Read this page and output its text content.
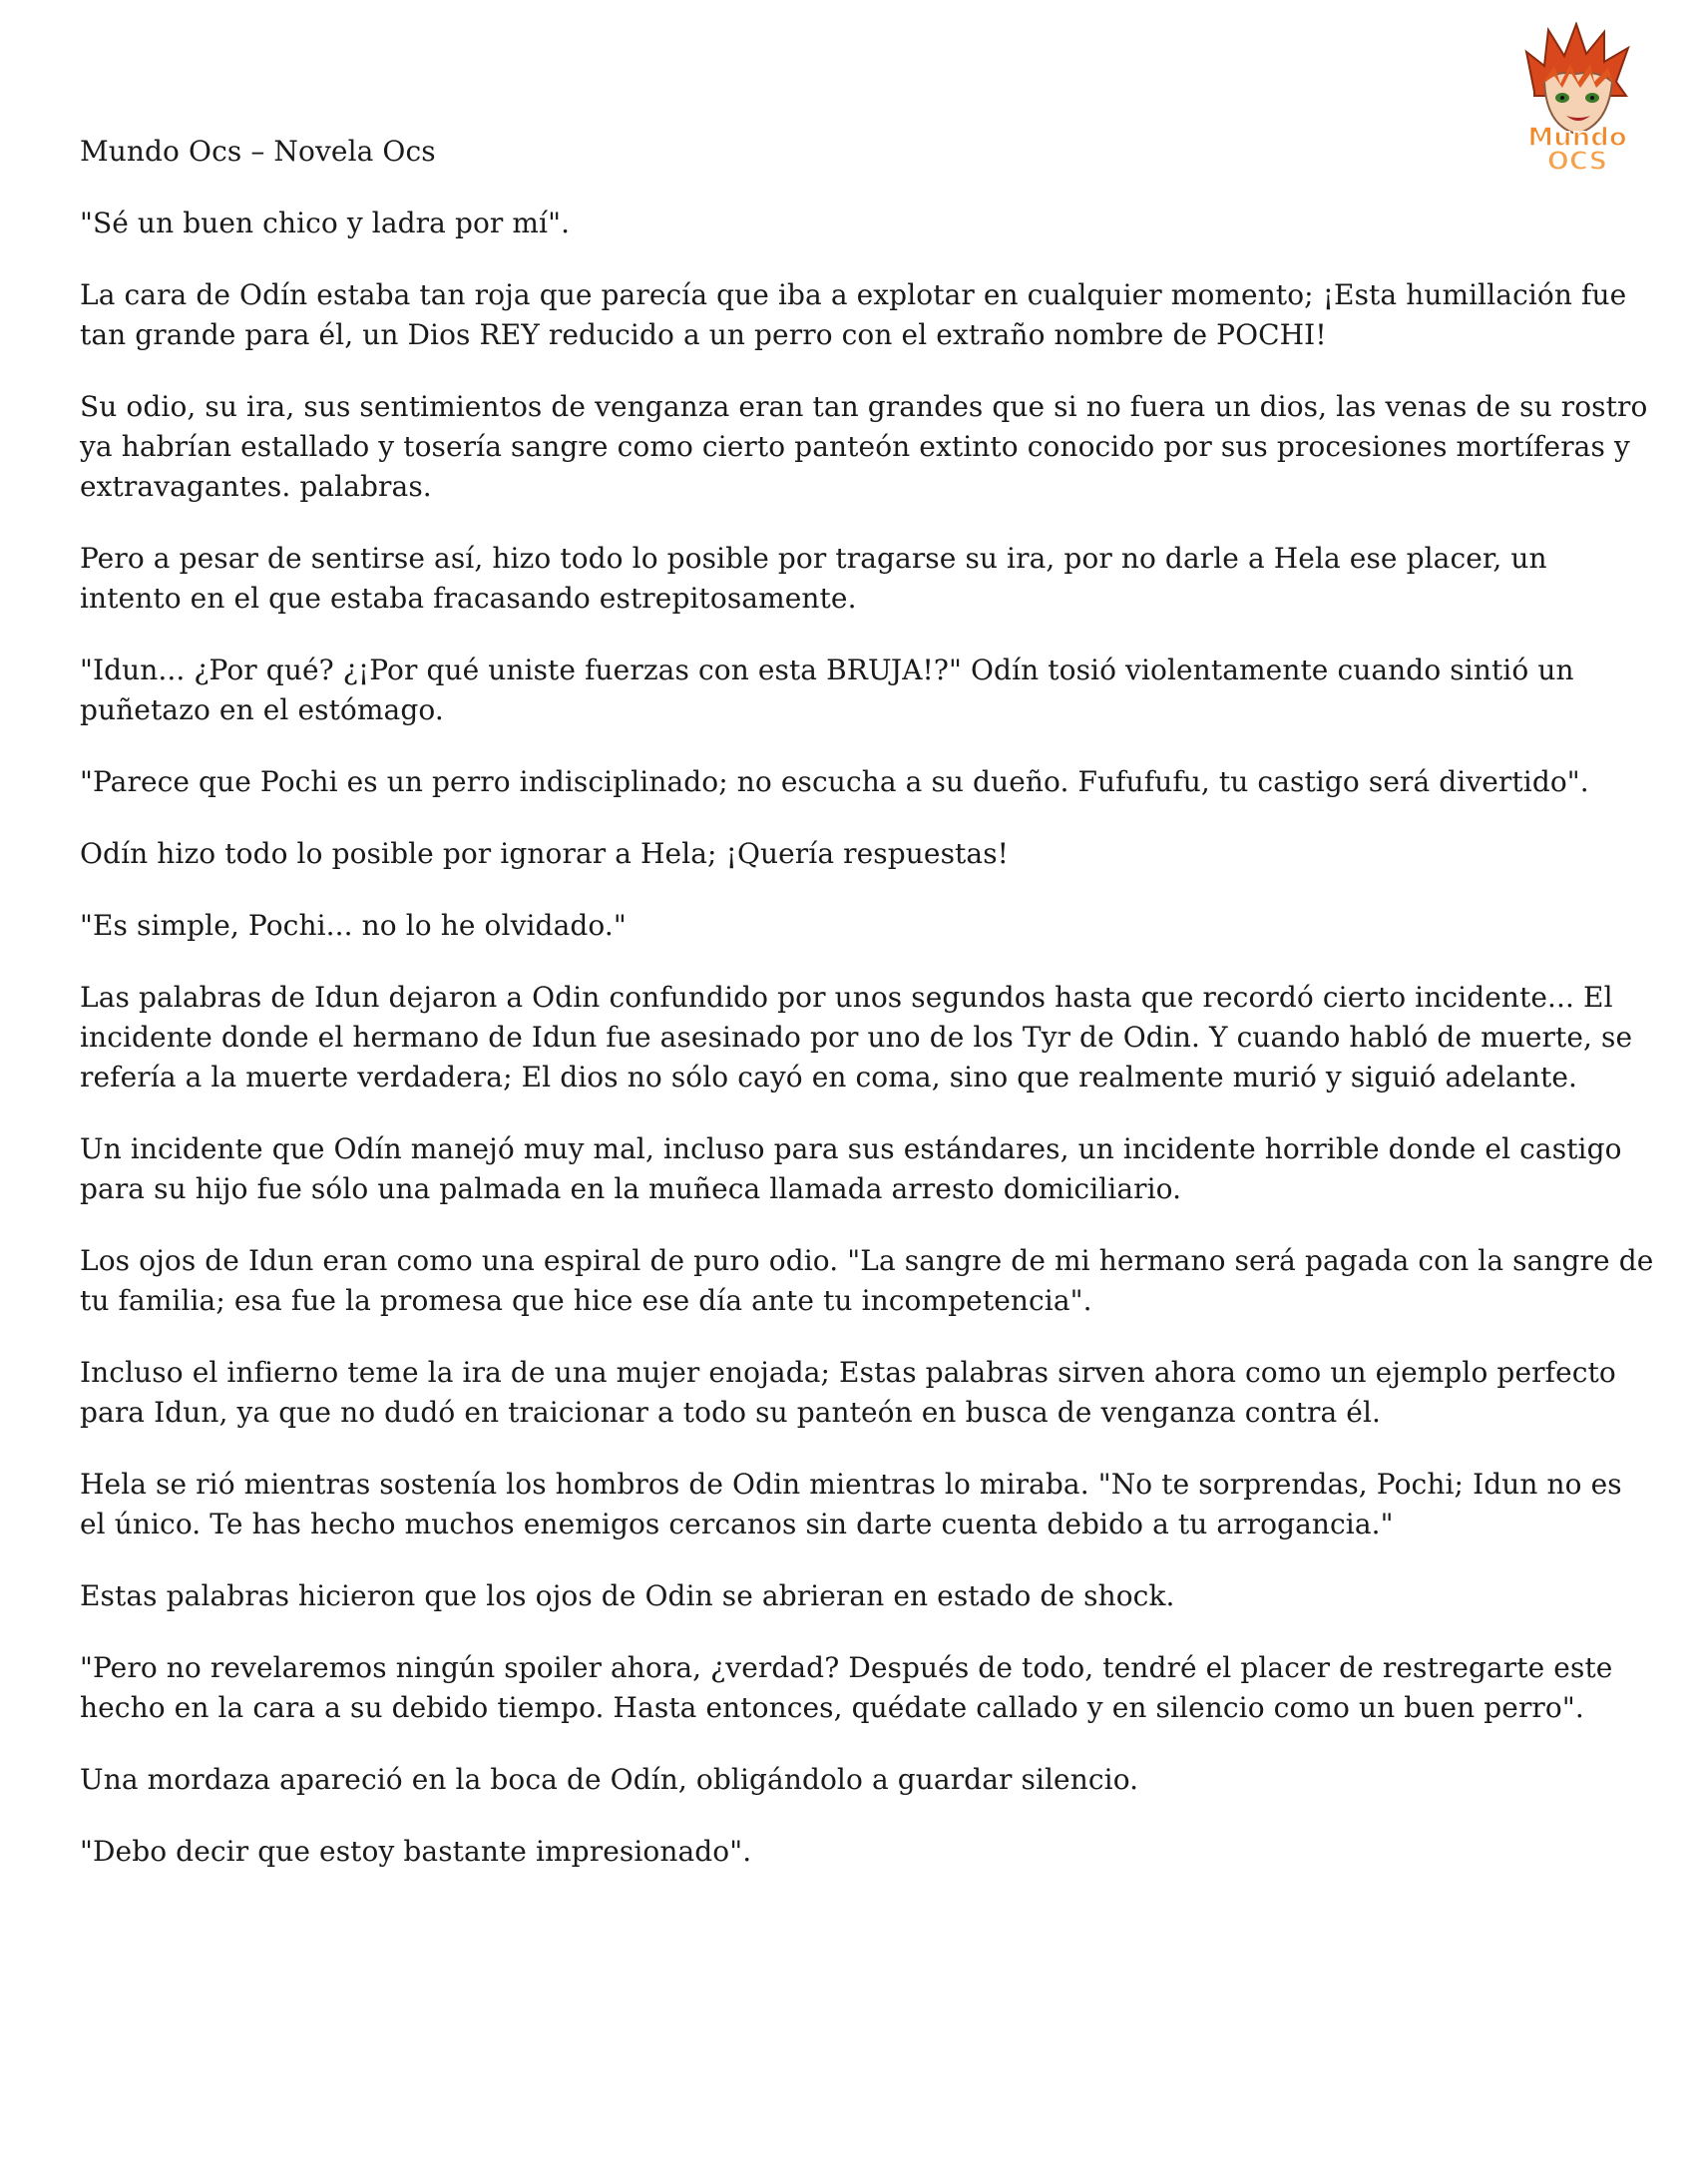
Mundo
OCS

Mundo Ocs – Novela Ocs

"Sé un buen chico y ladra por mí".

La cara de Odín estaba tan roja que parecía que iba a explotar en cualquier momento; ¡Esta humillación fue tan grande para él, un Dios REY reducido a un perro con el extraño nombre de POCHI!

Su odio, su ira, sus sentimientos de venganza eran tan grandes que si no fuera un dios, las venas de su rostro ya habrían estallado y tosería sangre como cierto panteón extinto conocido por sus procesiones mortíferas y extravagantes. palabras.

Pero a pesar de sentirse así, hizo todo lo posible por tragarse su ira, por no darle a Hela ese placer, un intento en el que estaba fracasando estrepitosamente.

"Idun... ¿Por qué? ¿¡Por qué uniste fuerzas con esta BRUJA!?" Odín tosió violentamente cuando sintió un puñetazo en el estómago.

"Parece que Pochi es un perro indisciplinado; no escucha a su dueño. Fufufufu, tu castigo será divertido".

Odín hizo todo lo posible por ignorar a Hela; ¡Quería respuestas!

"Es simple, Pochi... no lo he olvidado."

Las palabras de Idun dejaron a Odin confundido por unos segundos hasta que recordó cierto incidente... El incidente donde el hermano de Idun fue asesinado por uno de los Tyr de Odin. Y cuando habló de muerte, se refería a la muerte verdadera; El dios no sólo cayó en coma, sino que realmente murió y siguió adelante.

Un incidente que Odín manejó muy mal, incluso para sus estándares, un incidente horrible donde el castigo para su hijo fue sólo una palmada en la muñeca llamada arresto domiciliario.

Los ojos de Idun eran como una espiral de puro odio. "La sangre de mi hermano será pagada con la sangre de tu familia; esa fue la promesa que hice ese día ante tu incompetencia".

Incluso el infierno teme la ira de una mujer enojada; Estas palabras sirven ahora como un ejemplo perfecto para Idun, ya que no dudó en traicionar a todo su panteón en busca de venganza contra él.

Hela se rió mientras sostenía los hombros de Odin mientras lo miraba. "No te sorprendas, Pochi; Idun no es el único. Te has hecho muchos enemigos cercanos sin darte cuenta debido a tu arrogancia."

Estas palabras hicieron que los ojos de Odin se abrieran en estado de shock.

"Pero no revelaremos ningún spoiler ahora, ¿verdad? Después de todo, tendré el placer de restregarte este hecho en la cara a su debido tiempo. Hasta entonces, quédate callado y en silencio como un buen perro".

Una mordaza apareció en la boca de Odín, obligándolo a guardar silencio.

"Debo decir que estoy bastante impresionado".
